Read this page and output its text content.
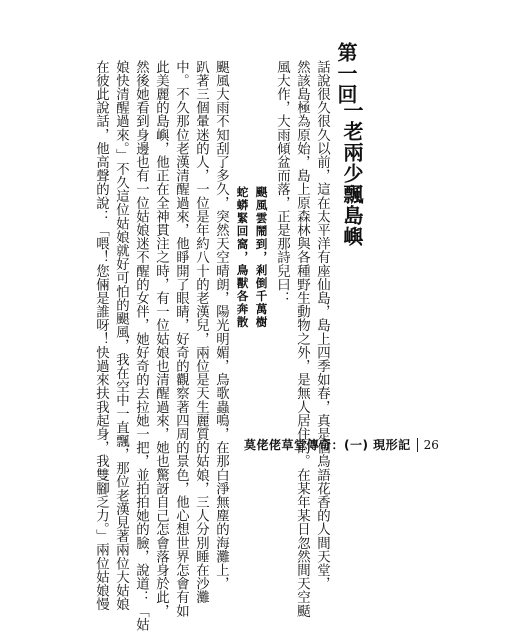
第一回
一老兩少飄島嶼
話說很久很久以前，這在太平洋有座仙島，島上四季如春，真是個鳥語花香的人間天堂，
然該島極為原始，島上原森林與各種野生動物之外，是無人居住的。在某年某日忽然間天空颳
風大作，大雨傾盆而落，正是那詩兒曰：
颶風雲鬧到，剎倒千萬樹
蛇蟒緊回窩，鳥獸各奔散
颶風大雨不知刮了多久，突然天空晴朗，陽光明媚，鳥歌蟲鳴，在那白淨無塵的海灘上，
趴著三個暈迷的人，一位是年約八十的老漢兒，兩位是天生麗質的姑娘，三人分別睡在沙灘
中。不久那位老漢清醒過來，他睜開了眼睛，好奇的觀察著四周的景色，他心想世界怎會有如
此美麗的島嶼，他正在全神貫注之時，有一位姑娘也清醒過來，她也驚訝自己怎會落身於此，
然後她看到身邊也有一位姑娘迷不醒的女伴，她好奇的去拉她一把，並拍拍她的臉，說道：「姑
娘快清醒過來。」不久這位姑娘就好可怕的颶風，我在空中一直飄，那位老漢見著兩位大姑娘
在彼此說話，他高聲的說：「喂！您倆是誰呀！快過來扶我起身，我雙腳乏力。」兩位姑娘慢	莫佬佬草堂傳奇：(一) 現形記 26
